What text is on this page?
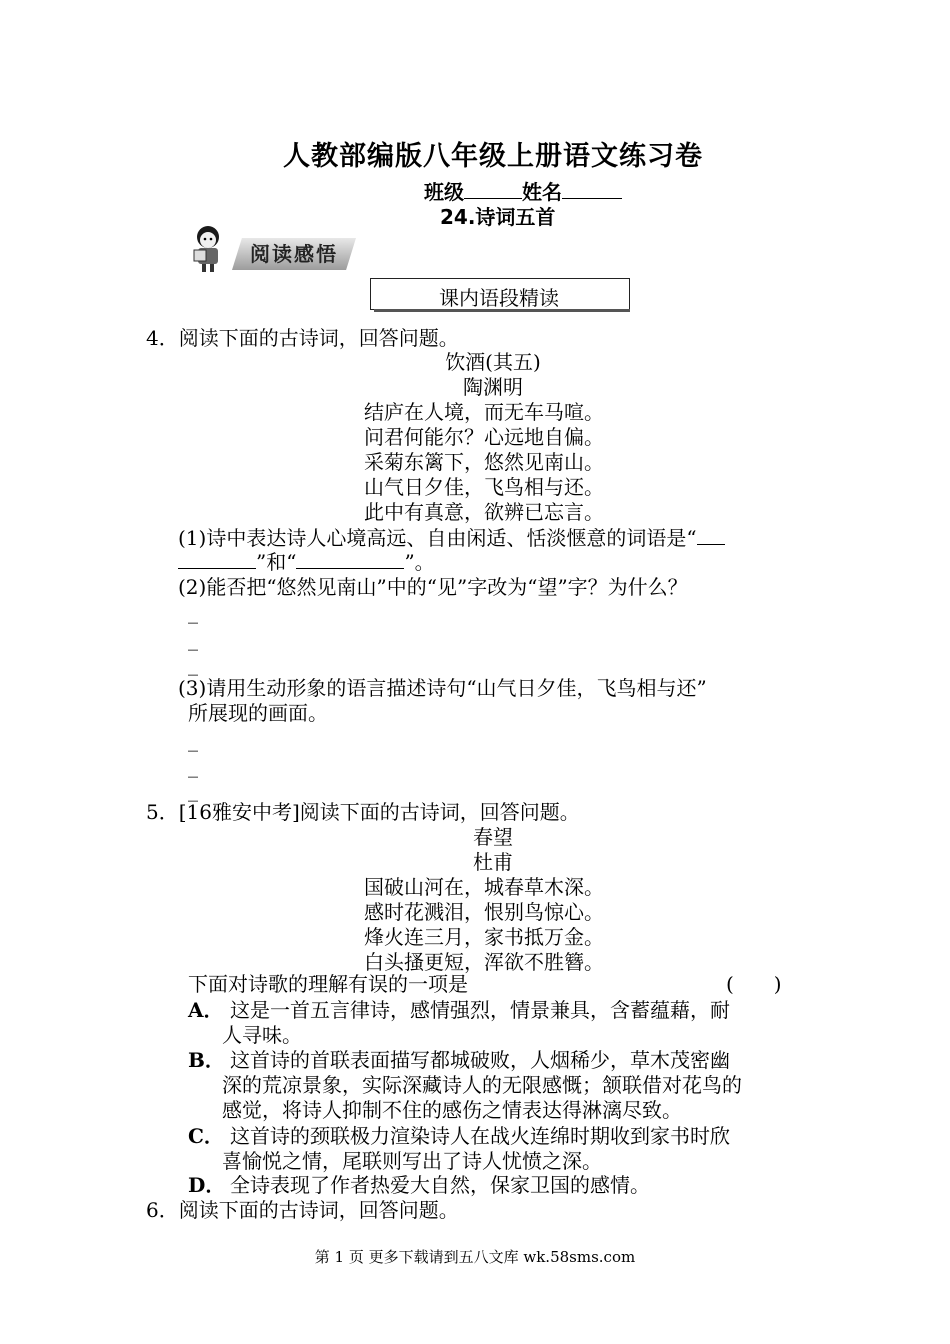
人教部编版八年级上册语文练习卷
班级	姓名
24.诗词五首
阅读感悟
课内语段精读
4．阅读下面的古诗词，回答问题。
饮酒(其五)
陶渊明
结庐在人境，而无车马喧。
问君何能尔？心远地自偏。
采菊东篱下，悠然见南山。
山气日夕佳，飞鸟相与还。
此中有真意，欲辨已忘言。
(1)诗中表达诗人心境高远、自由闲适、恬淡惬意的词语是“
”和“	”。
(2)能否把“悠然见南山”中的“见”字改为“望”字？为什么？
_
_
_
(3)请用生动形象的语言描述诗句“山气日夕佳，飞鸟相与还”
所展现的画面。
_
_
_
5．[16雅安中考]阅读下面的古诗词，回答问题。
春望
杜甫
国破山河在，城春草木深。
感时花溅泪，恨别鸟惊心。
烽火连三月，家书抵万金。
白头搔更短，浑欲不胜簪。
下面对诗歌的理解有误的一项是	(　　)
A． 这是一首五言律诗，感情强烈，情景兼具，含蓄蕴藉，耐
人寻味。
B． 这首诗的首联表面描写都城破败，人烟稀少，草木茂密幽
深的荒凉景象，实际深藏诗人的无限感慨；颔联借对花鸟的
感觉，将诗人抑制不住的感伤之情表达得淋漓尽致。
C． 这首诗的颈联极力渲染诗人在战火连绵时期收到家书时欣
喜愉悦之情，尾联则写出了诗人忧愤之深。
D． 全诗表现了作者热爱大自然，保家卫国的感情。
6．阅读下面的古诗词，回答问题。
第 1 页 更多下载请到五八文库 wk.58sms.com
